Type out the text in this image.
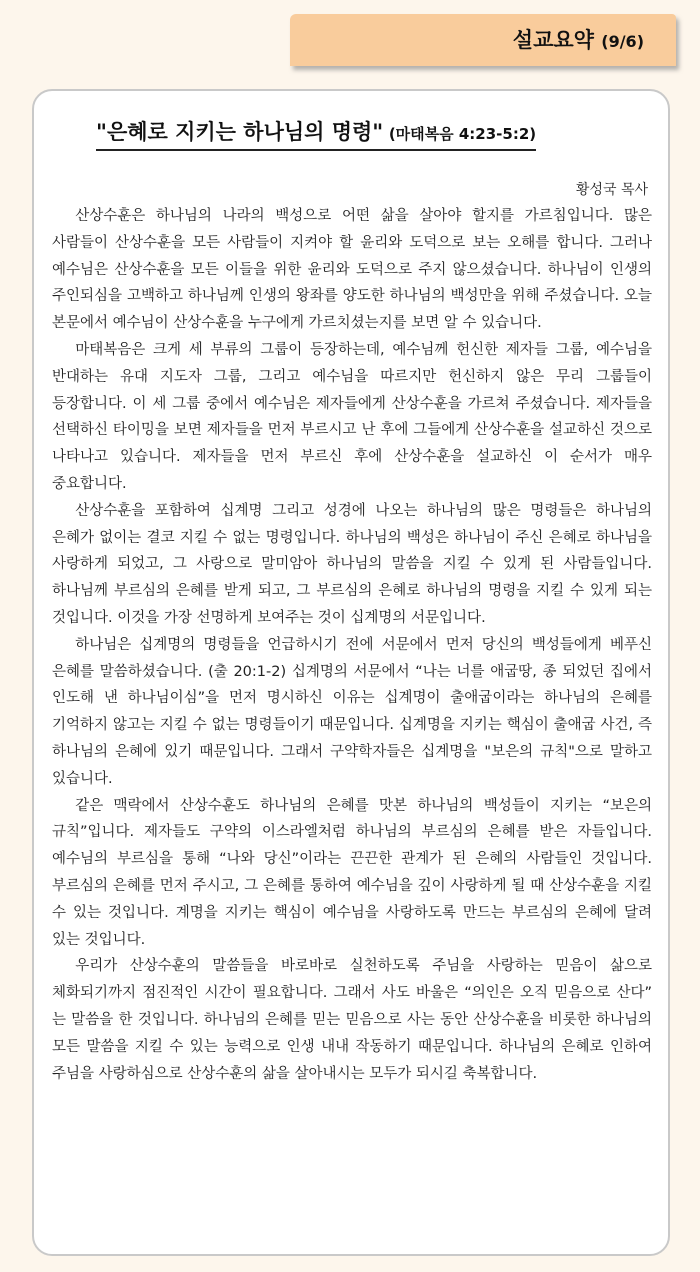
설교요약 (9/6)
"은혜로 지키는 하나님의 명령" (마태복음 4:23-5:2)
황성국 목사

산상수훈은 하나님의 나라의 백성으로 어떤 삶을 살아야 할지를 가르침입니다. 많은 사람들이 산상수훈을 모든 사람들이 지켜야 할 윤리와 도덕으로 보는 오해를 합니다. 그러나 예수님은 산상수훈을 모든 이들을 위한 윤리와 도덕으로 주지 않으셨습니다. 하나님이 인생의 주인되심을 고백하고 하나님께 인생의 왕좌를 양도한 하나님의 백성만을 위해 주셨습니다. 오늘 본문에서 예수님이 산상수훈을 누구에게 가르치셨는지를 보면 알 수 있습니다.

마태복음은 크게 세 부류의 그룹이 등장하는데, 예수님께 헌신한 제자들 그룹, 예수님을 반대하는 유대 지도자 그룹, 그리고 예수님을 따르지만 헌신하지 않은 무리 그룹들이 등장합니다. 이 세 그룹 중에서 예수님은 제자들에게 산상수훈을 가르쳐 주셨습니다. 제자들을 선택하신 타이밍을 보면 제자들을 먼저 부르시고 난 후에 그들에게 산상수훈을 설교하신 것으로 나타나고 있습니다. 제자들을 먼저 부르신 후에 산상수훈을 설교하신 이 순서가 매우 중요합니다.

산상수훈을 포함하여 십계명 그리고 성경에 나오는 하나님의 많은 명령들은 하나님의 은혜가 없이는 결코 지킬 수 없는 명령입니다. 하나님의 백성은 하나님이 주신 은혜로 하나님을 사랑하게 되었고, 그 사랑으로 말미암아 하나님의 말씀을 지킬 수 있게 된 사람들입니다. 하나님께 부르심의 은혜를 받게 되고, 그 부르심의 은혜로 하나님의 명령을 지킬 수 있게 되는 것입니다. 이것을 가장 선명하게 보여주는 것이 십계명의 서문입니다.

하나님은 십계명의 명령들을 언급하시기 전에 서문에서 먼저 당신의 백성들에게 베푸신 은혜를 말씀하셨습니다. (출 20:1-2) 십계명의 서문에서 “나는 너를 애굽땅, 종 되었던 집에서 인도해 낸 하나님이심”을 먼저 명시하신 이유는 십계명이 출애굽이라는 하나님의 은혜를 기억하지 않고는 지킬 수 없는 명령들이기 때문입니다. 십계명을 지키는 핵심이 출애굽 사건, 즉 하나님의 은혜에 있기 때문입니다. 그래서 구약학자들은 십계명을 "보은의 규칙"으로 말하고 있습니다.

같은 맥락에서 산상수훈도 하나님의 은혜를 맛본 하나님의 백성들이 지키는 “보은의 규칙”입니다. 제자들도 구약의 이스라엘처럼 하나님의 부르심의 은혜를 받은 자들입니다. 예수님의 부르심을 통해 “나와 당신”이라는 끈끈한 관계가 된 은혜의 사람들인 것입니다. 부르심의 은혜를 먼저 주시고, 그 은혜를 통하여 예수님을 깊이 사랑하게 될 때 산상수훈을 지킬 수 있는 것입니다. 계명을 지키는 핵심이 예수님을 사랑하도록 만드는 부르심의 은혜에 달려 있는 것입니다.

우리가 산상수훈의 말씀들을 바로바로 실천하도록 주님을 사랑하는 믿음이 삶으로 체화되기까지 점진적인 시간이 필요합니다. 그래서 사도 바울은 “의인은 오직 믿음으로 산다” 는 말씀을 한 것입니다. 하나님의 은혜를 믿는 믿음으로 사는 동안 산상수훈을 비롯한 하나님의 모든 말씀을 지킬 수 있는 능력으로 인생 내내 작동하기 때문입니다. 하나님의 은혜로 인하여 주님을 사랑하심으로 산상수훈의 삶을 살아내시는 모두가 되시길 축복합니다.
